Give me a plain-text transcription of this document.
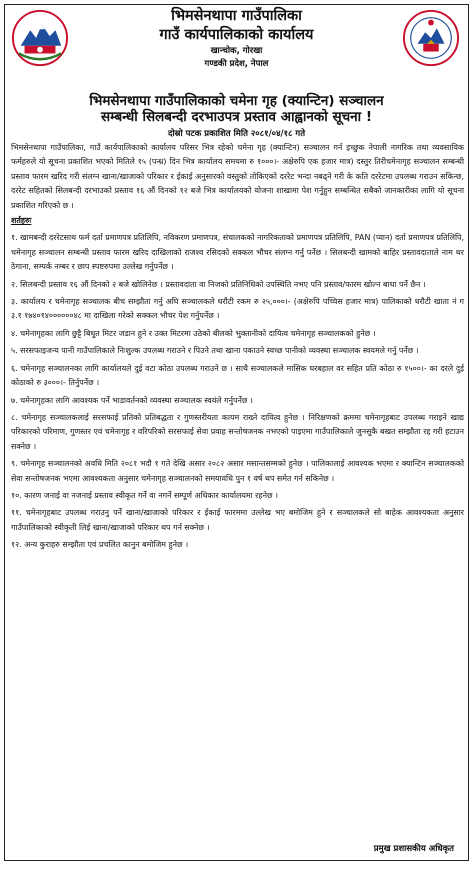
भिमसेनथापा गाउँपालिका
गाउँ कार्यपालिकाको कार्यालय
खान्चोक, गोरखा
गण्डकी प्रदेश, नेपाल
भिमसेनथापा गाउँपालिकाको चमेना गृह (क्यान्टिन) सञ्चालन
सम्बन्धी सिलबन्दी दरभाउपत्र प्रस्ताव आह्वानको सूचना !
दोस्रो पटक प्रकाशित मिति २०८१/०४/१८ गते

भिमसेनथापा गाउँपालिका, गाउँ कार्यपालिकाको कार्यालय परिसर भित्र रहेको चमेना गृह (क्यान्टिन) सञ्चालन गर्न इच्छुक नेपाली नागरिक तथा व्यवसायिक फर्महरुले यो सूचना प्रकाशित भएको मितिले १५ (पन्ध्र) दिन भित्र कार्यालय समयमा रु १०००।- अक्षेरुपि एक हजार मात्र) दस्तुर तिरीचमेनागृह सञ्चालन सम्बन्धी प्रस्ताव फारम खरिद गरी संलग्न खाना/खाजाको परिकार र ईकाई अनुसारको वस्तुको तोकिएको दररेट भन्दा नबढ्ने गरी के कति दररेटमा उपलब्ध गराउन सकिन्छ, दररेट सहितको सिलबन्दी दरभाउको प्रस्ताव १६ औं दिनको १२ बजे भित्र कार्यालयको योजना शाखामा पेश गर्नुहुन सम्बन्धित सबैको जानकारीका लागि यो सूचना प्रकाशित गरिएको छ ।

शर्तहरुः

१. खामबन्दी दररेटसाथ फर्म दर्ता प्रमाणपत्र प्रतिलिपि, नविकरण प्रमाणपत्र, संचालकको नागरिकताको प्रमाणपत्र प्रतिलिपि, PAN (प्यान) दर्ता प्रमाणपत्र प्रतिलिपि, चमेनागृह सञ्चालन सम्बन्धी प्रस्ताव फारम खरिद दाखिलाको राजश्व रसिदको सक्कल भौचर संलग्न गर्नु पर्नेछ । सिलबन्दी खामको बाहिर प्रस्तावदाताले नाम थर ठेगाना, सम्पर्क नम्बर र छाप स्पष्टरुपमा उल्लेख गर्नुपर्नेछ ।

२. सिलबन्दी प्रस्ताव १६ औं दिनको २ बजे खोलिनेछ । प्रस्तावदाता वा निजको प्रतिनिधिको उपस्थिति नभए पनि प्रस्ताव/फारम खोल्न बाधा पर्ने छैन ।

३. कार्यालय र चमेनागृह सञ्चालक बीच सम्झौता गर्नु अघि सञ्चालकले धरौटी रकम रु २५,०००।- (अक्षेरुपि पच्चिस हजार मात्र) पालिकाको धरौटी खाता नं ग ३.१ १७४०१४००००००४८ मा दाखिला गरेको सक्कल भौचर पेश गर्नुपर्नेछ ।

४. चमेनागृहका लागि छुट्टै बिधुत मिटर जडान हुने र उक्त मिटरमा उठेको बीलको भुक्तानीको दायित्व चमेनागृह सञ्चालकको हुनेछ ।

५. सरसफाइजन्य पानी गाउँपालिकाले निःशुल्क उपलब्ध गराउने र पिउने तथा खाना पकाउने स्वच्छ पानीको व्यवस्था सञ्चालक स्वयमले गर्नु पर्नेछ ।

६. चमेनागृह सञ्चालनका लागि कार्यालयले दुई वटा कोठा उपलब्ध गराउने छ । साथै सञ्चालकले मासिक घरबहाल वर सहित प्रति कोठा रु १५००।- का दरले दुई कोठाको रु ३०००।- तिर्नुपर्नेछ ।

७. चमेनागृहका लागि आवश्यक पर्ने भाडावर्तनको व्यवस्था सञ्चालक स्वयंले गर्नुपर्नेछ ।

८. चमेनागृह सञ्चालकलाई सरसफाई प्रतिको प्रतिबद्धता र गुणस्तरीयता कायम राख्ने दायित्व हुनेछ । निरिक्षणको क्रममा चमेनागृहबाट उपलब्ध गराइने खाद्य परिकारको परिमाण, गुणस्तर एवं चमेनागृह र वरिपरिको सरसफाई सेवा प्रवाह सन्तोषजनक नभएको पाइएमा गाउँपालिकाले जुनसुकै बखत सम्झौता रद्द गरी हटाउन सक्नेछ ।

९. चमेनागृह सञ्चालनको अवधि मिति २०८१ भदौ १ गते देखि असार २०८२ असार मसान्तसम्मको हुनेछ । पालिकालाई आवश्यक भएमा र क्यान्टिन सञ्चालकको सेवा सन्तोषजनक भएमा आवश्यकता अनुसार चमेनागृह सञ्चालनको समयावधि पुन १ वर्ष थप समेत गर्न सकिनेछ ।

१०. कारण जनाई वा नजनाई प्रस्ताव स्वीकृत गर्ने वा नगर्ने सम्पूर्ण अधिकार कार्यालयमा रहनेछ ।

११. चमेनागृहबाट उपलब्ध गराउनु पर्ने खाना/खाजाको परिकार र ईकाई फारममा उल्लेख भए बमोजिम हुने र सञ्चालकले सो बाहेक आवश्यकता अनुसार गाउँपालिकाको स्वीकृती लिई खाना/खाजाको परिकार थप गर्न सक्नेछ ।

१२. अन्य कुराहरु सम्झौता एवं प्रचलित कानुन बमोजिम हुनेछ ।

प्रमुख प्रशासकीय अधिकृत
